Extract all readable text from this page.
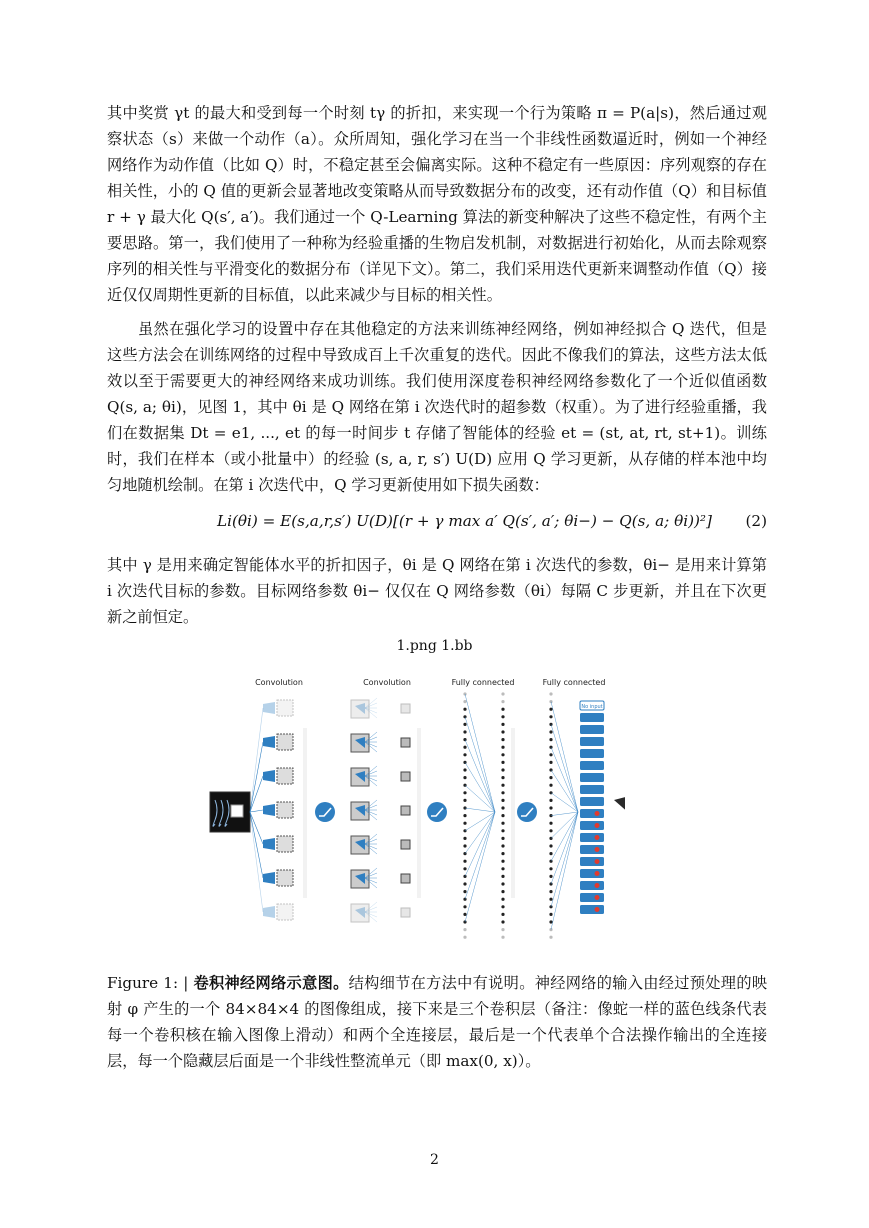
其中奖赏 γt 的最大和受到每一个时刻 tγ 的折扣，来实现一个行为策略 π = P(a|s)，然后通过观察状态（s）来做一个动作（a）。众所周知，强化学习在当一个非线性函数逼近时，例如一个神经网络作为动作值（比如 Q）时，不稳定甚至会偏离实际。这种不稳定有一些原因：序列观察的存在相关性，小的 Q 值的更新会显著地改变策略从而导致数据分布的改变，还有动作值（Q）和目标值 r + γ 最大化 Q(s′, a′)。我们通过一个 Q-Learning 算法的新变种解决了这些不稳定性，有两个主要思路。第一，我们使用了一种称为经验重播的生物启发机制，对数据进行初始化，从而去除观察序列的相关性与平滑变化的数据分布（详见下文）。第二，我们采用迭代更新来调整动作值（Q）接近仅仅周期性更新的目标值，以此来减少与目标的相关性。

虽然在强化学习的设置中存在其他稳定的方法来训练神经网络，例如神经拟合 Q 迭代，但是这些方法会在训练网络的过程中导致成百上千次重复的迭代。因此不像我们的算法，这些方法太低效以至于需要更大的神经网络来成功训练。我们使用深度卷积神经网络参数化了一个近似值函数 Q(s, a; θi)，见图 1，其中 θi 是 Q 网络在第 i 次迭代时的超参数（权重）。为了进行经验重播，我们在数据集 Dt = e1, ..., et 的每一时间步 t 存储了智能体的经验 et = (st, at, rt, st+1)。训练时，我们在样本（或小批量中）的经验 (s, a, r, s′) U(D) 应用 Q 学习更新，从存储的样本池中均匀地随机绘制。在第 i 次迭代中，Q 学习更新使用如下损失函数：

Li(θi) = E(s,a,r,s′) U(D)[(r + γ max a′ Q(s′, a′; θi−) − Q(s, a; θi))²] (2)

其中 γ 是用来确定智能体水平的折扣因子，θi 是 Q 网络在第 i 次迭代的参数，θi− 是用来计算第 i 次迭代目标的参数。目标网络参数 θi− 仅仅在 Q 网络参数（θi）每隔 C 步更新，并且在下次更新之前恒定。

1.png 1.bb
Convolution	Convolution	Fully connected	Fully connected
No input

Figure 1: | 卷积神经网络示意图。结构细节在方法中有说明。神经网络的输入由经过预处理的映射 φ 产生的一个 84×84×4 的图像组成，接下来是三个卷积层（备注：像蛇一样的蓝色线条代表每一个卷积核在输入图像上滑动）和两个全连接层，最后是一个代表单个合法操作输出的全连接层，每一个隐藏层后面是一个非线性整流单元（即 max(0, x)）。

2
